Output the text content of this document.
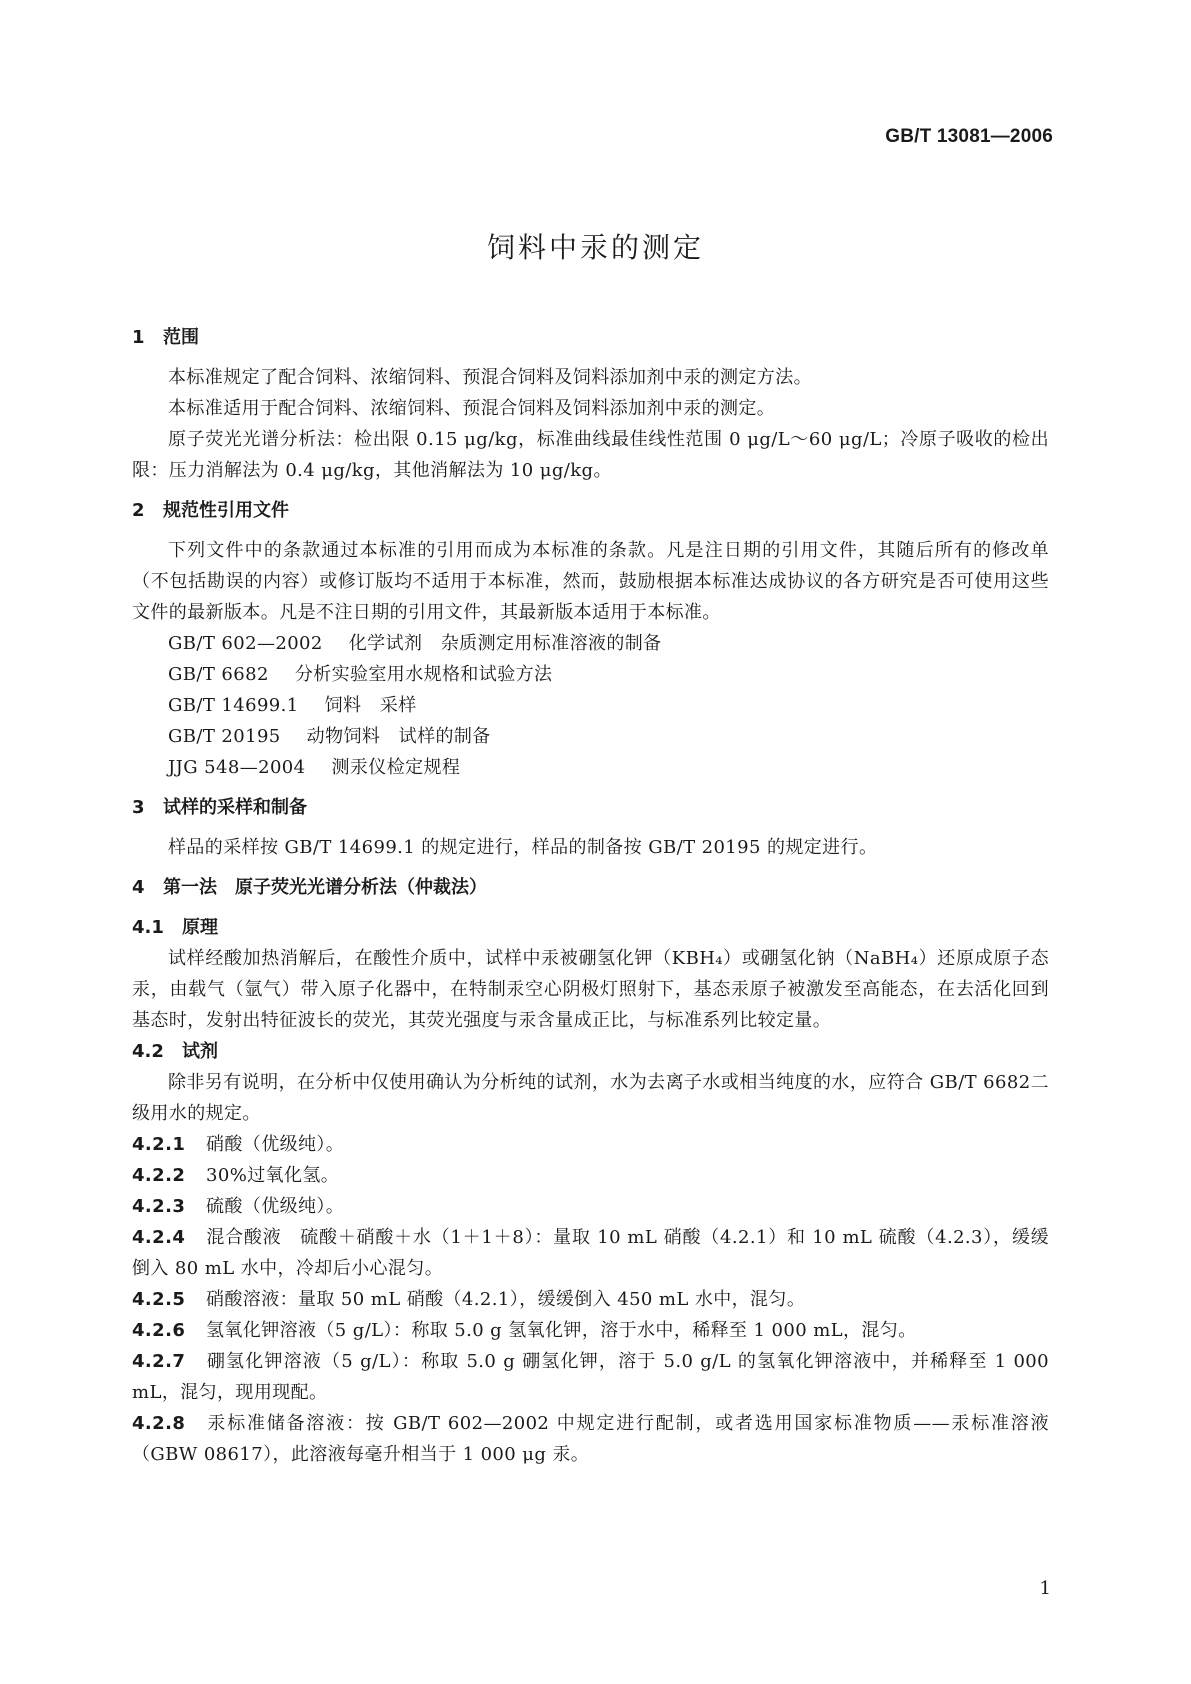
GB/T 13081—2006
饲料中汞的测定
1 范围

本标准规定了配合饲料、浓缩饲料、预混合饲料及饲料添加剂中汞的测定方法。

本标准适用于配合饲料、浓缩饲料、预混合饲料及饲料添加剂中汞的测定。

原子荧光光谱分析法：检出限 0.15 μg/kg，标准曲线最佳线性范围 0 μg/L～60 μg/L；冷原子吸收的检出限：压力消解法为 0.4 μg/kg，其他消解法为 10 μg/kg。

2 规范性引用文件

下列文件中的条款通过本标准的引用而成为本标准的条款。凡是注日期的引用文件，其随后所有的修改单（不包括勘误的内容）或修订版均不适用于本标准，然而，鼓励根据本标准达成协议的各方研究是否可使用这些文件的最新版本。凡是不注日期的引用文件，其最新版本适用于本标准。

GB/T 602—2002 化学试剂　杂质测定用标准溶液的制备
GB/T 6682 分析实验室用水规格和试验方法
GB/T 14699.1 饲料　采样
GB/T 20195 动物饲料　试样的制备
JJG 548—2004 测汞仪检定规程
3 试样的采样和制备

样品的采样按 GB/T 14699.1 的规定进行，样品的制备按 GB/T 20195 的规定进行。

4 第一法　原子荧光光谱分析法（仲裁法）
4.1 原理

试样经酸加热消解后，在酸性介质中，试样中汞被硼氢化钾（KBH₄）或硼氢化钠（NaBH₄）还原成原子态汞，由载气（氩气）带入原子化器中，在特制汞空心阴极灯照射下，基态汞原子被激发至高能态，在去活化回到基态时，发射出特征波长的荧光，其荧光强度与汞含量成正比，与标准系列比较定量。

4.2 试剂

除非另有说明，在分析中仅使用确认为分析纯的试剂，水为去离子水或相当纯度的水，应符合 GB/T 6682二级用水的规定。

4.2.1 硝酸（优级纯）。

4.2.2 30%过氧化氢。

4.2.3 硫酸（优级纯）。

4.2.4 混合酸液　硫酸＋硝酸＋水（1＋1＋8）：量取 10 mL 硝酸（4.2.1）和 10 mL 硫酸（4.2.3），缓缓倒入 80 mL 水中，冷却后小心混匀。

4.2.5 硝酸溶液：量取 50 mL 硝酸（4.2.1），缓缓倒入 450 mL 水中，混匀。

4.2.6 氢氧化钾溶液（5 g/L）：称取 5.0 g 氢氧化钾，溶于水中，稀释至 1 000 mL，混匀。

4.2.7 硼氢化钾溶液（5 g/L）：称取 5.0 g 硼氢化钾，溶于 5.0 g/L 的氢氧化钾溶液中，并稀释至 1 000 mL，混匀，现用现配。

4.2.8 汞标准储备溶液：按 GB/T 602—2002 中规定进行配制，或者选用国家标准物质——汞标准溶液（GBW 08617），此溶液每毫升相当于 1 000 μg 汞。

1
